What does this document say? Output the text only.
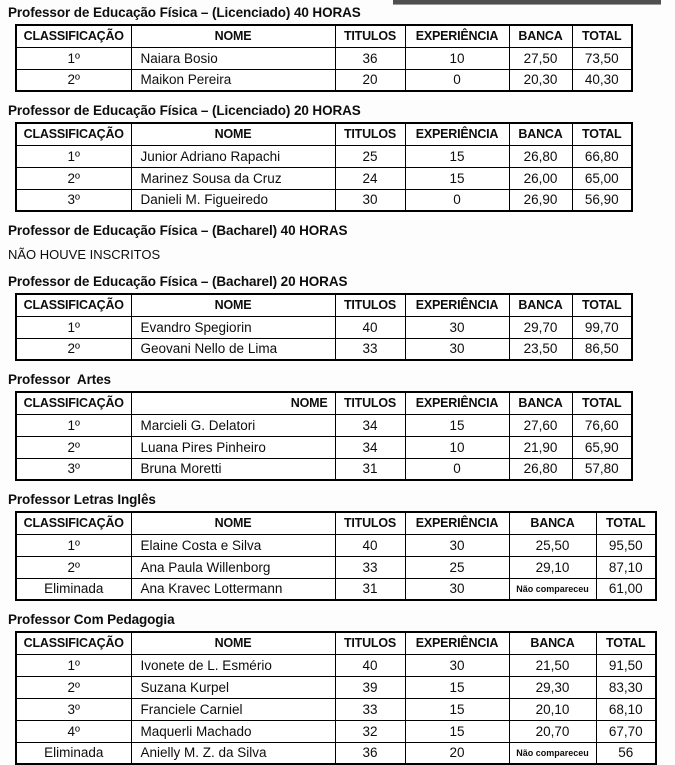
Professor de Educação Física – (Licenciado) 40 HORAS
CLASSIFICAÇÃO	NOME	TITULOS	EXPERIÊNCIA	BANCA	TOTAL
1º	Naiara Bosio	36	10	27,50	73,50
2º	Maikon Pereira	20	0	20,30	40,30
Professor de Educação Física – (Licenciado) 20 HORAS
CLASSIFICAÇÃO	NOME	TITULOS	EXPERIÊNCIA	BANCA	TOTAL
1º	Junior Adriano Rapachi	25	15	26,80	66,80
2º	Marinez Sousa da Cruz	24	15	26,00	65,00
3º	Danieli M. Figueiredo	30	0	26,90	56,90
Professor de Educação Física – (Bacharel) 40 HORAS

NÃO HOUVE INSCRITOS

Professor de Educação Física – (Bacharel) 20 HORAS
CLASSIFICAÇÃO	NOME	TITULOS	EXPERIÊNCIA	BANCA	TOTAL
1º	Evandro Spegiorin	40	30	29,70	99,70
2º	Geovani Nello de Lima	33	30	23,50	86,50
Professor  Artes
CLASSIFICAÇÃO	NOME	TITULOS	EXPERIÊNCIA	BANCA	TOTAL
1º	Marcieli G. Delatori	34	15	27,60	76,60
2º	Luana Pires Pinheiro	34	10	21,90	65,90
3º	Bruna Moretti	31	0	26,80	57,80
Professor Letras Inglês
CLASSIFICAÇÃO	NOME	TITULOS	EXPERIÊNCIA	BANCA	TOTAL
1º	Elaine Costa e Silva	40	30	25,50	95,50
2º	Ana Paula Willenborg	33	25	29,10	87,10
Eliminada	Ana Kravec Lottermann	31	30	Não compareceu	61,00
Professor Com Pedagogia
CLASSIFICAÇÃO	NOME	TITULOS	EXPERIÊNCIA	BANCA	TOTAL
1º	Ivonete de L. Esmério	40	30	21,50	91,50
2º	Suzana Kurpel	39	15	29,30	83,30
3º	Franciele Carniel	33	15	20,10	68,10
4º	Maquerli Machado	32	15	20,70	67,70
Eliminada	Anielly M. Z. da Silva	36	20	Não compareceu	56
